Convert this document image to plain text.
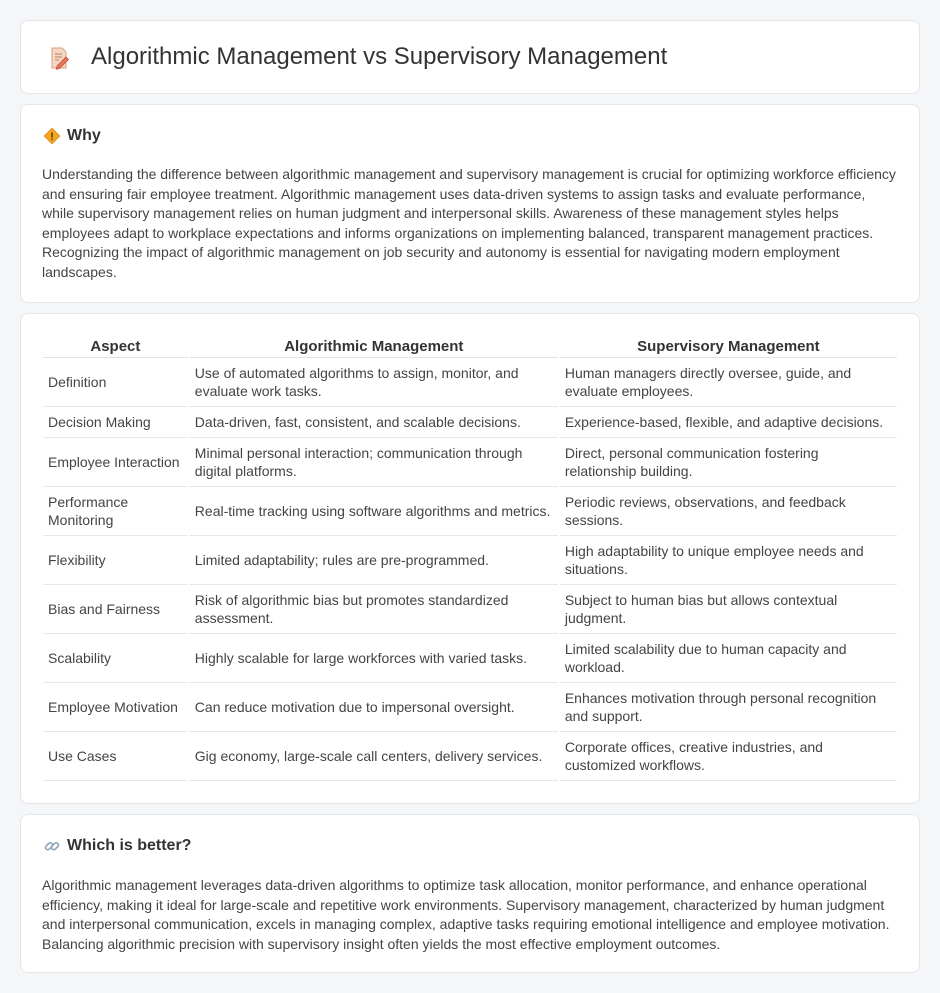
Algorithmic Management vs Supervisory Management
Why

Understanding the difference between algorithmic management and supervisory management is crucial for optimizing workforce efficiency and ensuring fair employee treatment. Algorithmic management uses data-driven systems to assign tasks and evaluate performance, while supervisory management relies on human judgment and interpersonal skills. Awareness of these management styles helps employees adapt to workplace expectations and informs organizations on implementing balanced, transparent management practices. Recognizing the impact of algorithmic management on job security and autonomy is essential for navigating modern employment landscapes.

Aspect	Algorithmic Management	Supervisory Management
Definition	Use of automated algorithms to assign, monitor, and evaluate work tasks.	Human managers directly oversee, guide, and evaluate employees.
Decision Making	Data-driven, fast, consistent, and scalable decisions.	Experience-based, flexible, and adaptive decisions.
Employee Interaction	Minimal personal interaction; communication through digital platforms.	Direct, personal communication fostering relationship building.
Performance Monitoring	Real-time tracking using software algorithms and metrics.	Periodic reviews, observations, and feedback sessions.
Flexibility	Limited adaptability; rules are pre-programmed.	High adaptability to unique employee needs and situations.
Bias and Fairness	Risk of algorithmic bias but promotes standardized assessment.	Subject to human bias but allows contextual judgment.
Scalability	Highly scalable for large workforces with varied tasks.	Limited scalability due to human capacity and workload.
Employee Motivation	Can reduce motivation due to impersonal oversight.	Enhances motivation through personal recognition and support.
Use Cases	Gig economy, large-scale call centers, delivery services.	Corporate offices, creative industries, and customized workflows.
Which is better?

Algorithmic management leverages data-driven algorithms to optimize task allocation, monitor performance, and enhance operational efficiency, making it ideal for large-scale and repetitive work environments. Supervisory management, characterized by human judgment and interpersonal communication, excels in managing complex, adaptive tasks requiring emotional intelligence and employee motivation. Balancing algorithmic precision with supervisory insight often yields the most effective employment outcomes.
